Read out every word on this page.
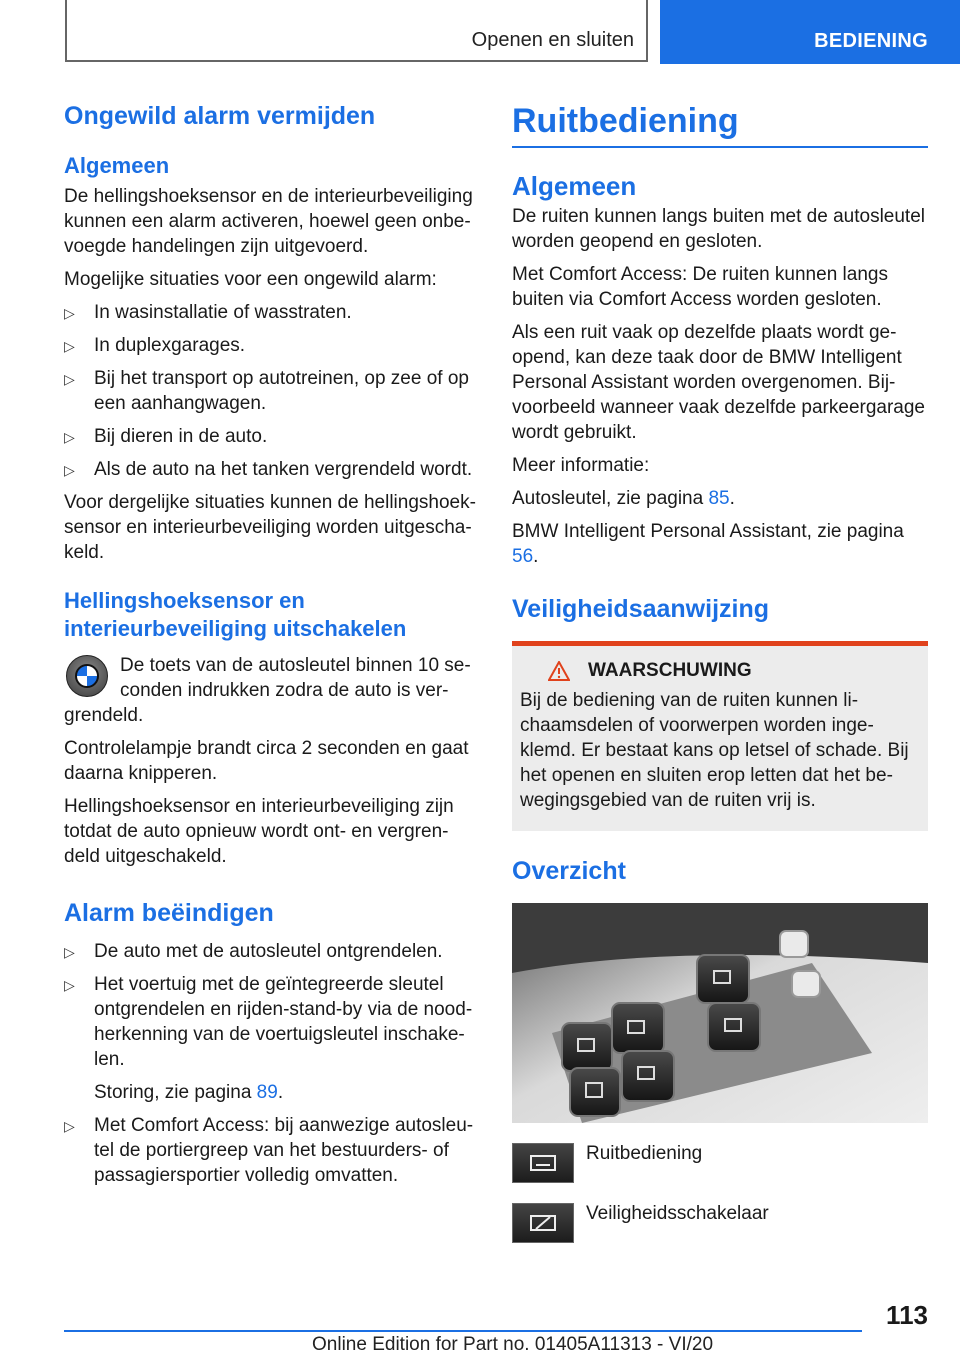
Openen en sluiten	BEDIENING
Ongewild alarm vermijden
Algemeen

De hellingshoeksensor en de interieurbeveiliging kunnen een alarm activeren, hoewel geen onbevoegde handelingen zijn uitgevoerd.

Mogelijke situaties voor een ongewild alarm:

▷ In wasinstallatie of wasstraten.
▷ In duplexgarages.
▷ Bij het transport op autotreinen, op zee of op een aanhangwagen.
▷ Bij dieren in de auto.
▷ Als de auto na het tanken vergrendeld wordt.

Voor dergelijke situaties kunnen de hellingshoeksensor en interieurbeveiliging worden uitgeschakeld.

Hellingshoeksensor en interieurbeveiliging uitschakelen

De toets van de autosleutel binnen 10 seconden indrukken zodra de auto is vergrendeld.

Controlelampje brandt circa 2 seconden en gaat daarna knipperen.

Hellingshoeksensor en interieurbeveiliging zijn totdat de auto opnieuw wordt ont- en vergrendeld uitgeschakeld.

Alarm beëindigen
▷ De auto met de autosleutel ontgrendelen.
▷ Het voertuig met de geïntegreerde sleutel ontgrendelen en rijden-stand-by via de noodherkenning van de voertuigsleutel inschakelen.
Storing, zie pagina 89.
▷ Met Comfort Access: bij aanwezige autosleutel de portiergreep van het bestuurders- of passagiersportier volledig omvatten.
Ruitbediening
Algemeen

De ruiten kunnen langs buiten met de autosleutel worden geopend en gesloten.

Met Comfort Access: De ruiten kunnen langs buiten via Comfort Access worden gesloten.

Als een ruit vaak op dezelfde plaats wordt geopend, kan deze taak door de BMW Intelligent Personal Assistant worden overgenomen. Bijvoorbeeld wanneer vaak dezelfde parkeergarage wordt gebruikt.

Meer informatie:

Autosleutel, zie pagina 85.

BMW Intelligent Personal Assistant, zie pagina 56.

Veiligheidsaanwijzing
WAARSCHUWING

Bij de bediening van de ruiten kunnen lichaamsdelen of voorwerpen worden ingeklemd. Er bestaat kans op letsel of schade. Bij het openen en sluiten erop letten dat het bewegingsgebied van de ruiten vrij is.

Overzicht
Ruitbediening
Veiligheidsschakelaar
113
Online Edition for Part no. 01405A11313 - VI/20
